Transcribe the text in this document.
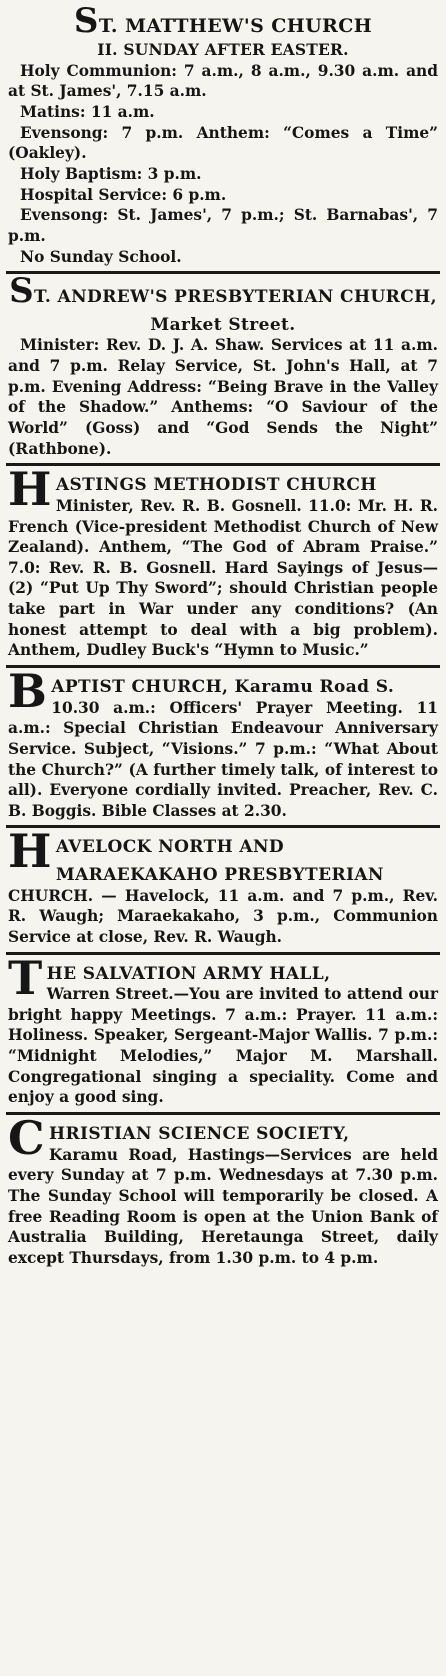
ST. MATTHEW'S CHURCH
II. SUNDAY AFTER EASTER.

Holy Communion: 7 a.m., 8 a.m., 9.30 a.m. and at St. James', 7.15 a.m.

Matins: 11 a.m.

Evensong: 7 p.m. Anthem: “Comes a Time” (Oakley).

Holy Baptism: 3 p.m.

Hospital Service: 6 p.m.

Evensong: St. James', 7 p.m.; St. Barnabas', 7 p.m.

No Sunday School.

ST. ANDREW'S PRESBYTERIAN CHURCH, Market Street.

Minister: Rev. D. J. A. Shaw. Services at 11 a.m. and 7 p.m. Relay Service, St. John's Hall, at 7 p.m. Evening Address: “Being Brave in the Valley of the Shadow.” Anthems: “O Saviour of the World” (Goss) and “God Sends the Night” (Rathbone).

HASTINGS METHODIST CHURCH

Minister, Rev. R. B. Gosnell. 11.0: Mr. H. R. French (Vice-president Methodist Church of New Zealand). Anthem, “The God of Abram Praise.” 7.0: Rev. R. B. Gosnell. Hard Sayings of Jesus—(2) “Put Up Thy Sword”; should Christian people take part in War under any conditions? (An honest attempt to deal with a big problem). Anthem, Dudley Buck's “Hymn to Music.”

BAPTIST CHURCH, Karamu Road S.

10.30 a.m.: Officers' Prayer Meeting. 11 a.m.: Special Christian Endeavour Anniversary Service. Subject, “Visions.” 7 p.m.: “What About the Church?” (A further timely talk, of interest to all). Everyone cordially invited. Preacher, Rev. C. B. Boggis. Bible Classes at 2.30.

HAVELOCK NORTH AND MARAEKAKAHO PRESBYTERIAN

CHURCH. — Havelock, 11 a.m. and 7 p.m., Rev. R. Waugh; Maraekakaho, 3 p.m., Communion Service at close, Rev. R. Waugh.

THE SALVATION ARMY HALL,

Warren Street.—You are invited to attend our bright happy Meetings. 7 a.m.: Prayer. 11 a.m.: Holiness. Speaker, Sergeant-Major Wallis. 7 p.m.: “Midnight Melodies,” Major M. Marshall. Congregational singing a speciality. Come and enjoy a good sing.

CHRISTIAN SCIENCE SOCIETY,

Karamu Road, Hastings—Services are held every Sunday at 7 p.m. Wednesdays at 7.30 p.m. The Sunday School will temporarily be closed. A free Reading Room is open at the Union Bank of Australia Building, Heretaunga Street, daily except Thursdays, from 1.30 p.m. to 4 p.m.
